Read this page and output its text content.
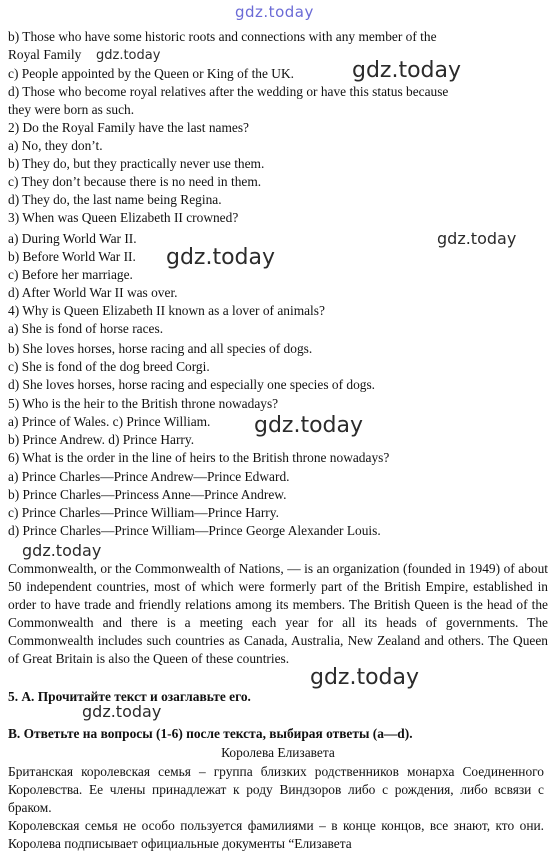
b) Those who have some historic roots and connections with any member of the
Royal Family
c) People appointed by the Queen or King of the UK.
d) Those who become royal relatives after the wedding or have this status because
they were born as such.
2) Do the Royal Family have the last names?
a) No, they don’t.
b) They do, but they practically never use them.
c) They don’t because there is no need in them.
d) They do, the last name being Regina.
3) When was Queen Elizabeth II crowned?
a) During World War II.
b) Before World War II.
c) Before her marriage.
d) After World War II was over.
4) Why is Queen Elizabeth II known as a lover of animals?
a) She is fond of horse races.
b) She loves horses, horse racing and all species of dogs.
c) She is fond of the dog breed Corgi.
d) She loves horses, horse racing and especially one species of dogs.
5) Who is the heir to the British throne nowadays?
a) Prince of Wales. c) Prince William.
b) Prince Andrew. d) Prince Harry.
6) What is the order in the line of heirs to the British throne nowadays?
a) Prince Charles—Prince Andrew—Prince Edward.
b) Prince Charles—Princess Anne—Prince Andrew.
c) Prince Charles—Prince William—Prince Harry.
d) Prince Charles—Prince William—Prince George Alexander Louis.

Commonwealth, or the Commonwealth of Nations, — is an organization (founded in 1949) of about 50 independent countries, most of which were formerly part of the British Empire, established in order to have trade and friendly relations among its members. The British Queen is the head of the Commonwealth and there is a meeting each year for all its heads of governments. The Commonwealth includes such countries as Canada, Australia, New Zealand and others. The Queen of Great Britain is also the Queen of these countries.

5. А. Прочитайте текст и озаглавьте его.
В. Ответьте на вопросы (1-6) после текста, выбирая ответы (a—d).
Королева Елизавета

Британская королевская семья – группа близких родственников монарха Соединенного Королевства. Ее члены принадлежат к роду Виндзоров либо с рождения, либо всвязи с браком.

Королевская семья не особо пользуется фамилиями – в конце концов, все знают, кто они. Королева подписывает официальные документы “Елизавета

gdz.today
gdz.today
gdz.today
gdz.today
gdz.today
gdz.today
gdz.today
gdz.today
gdz.today
